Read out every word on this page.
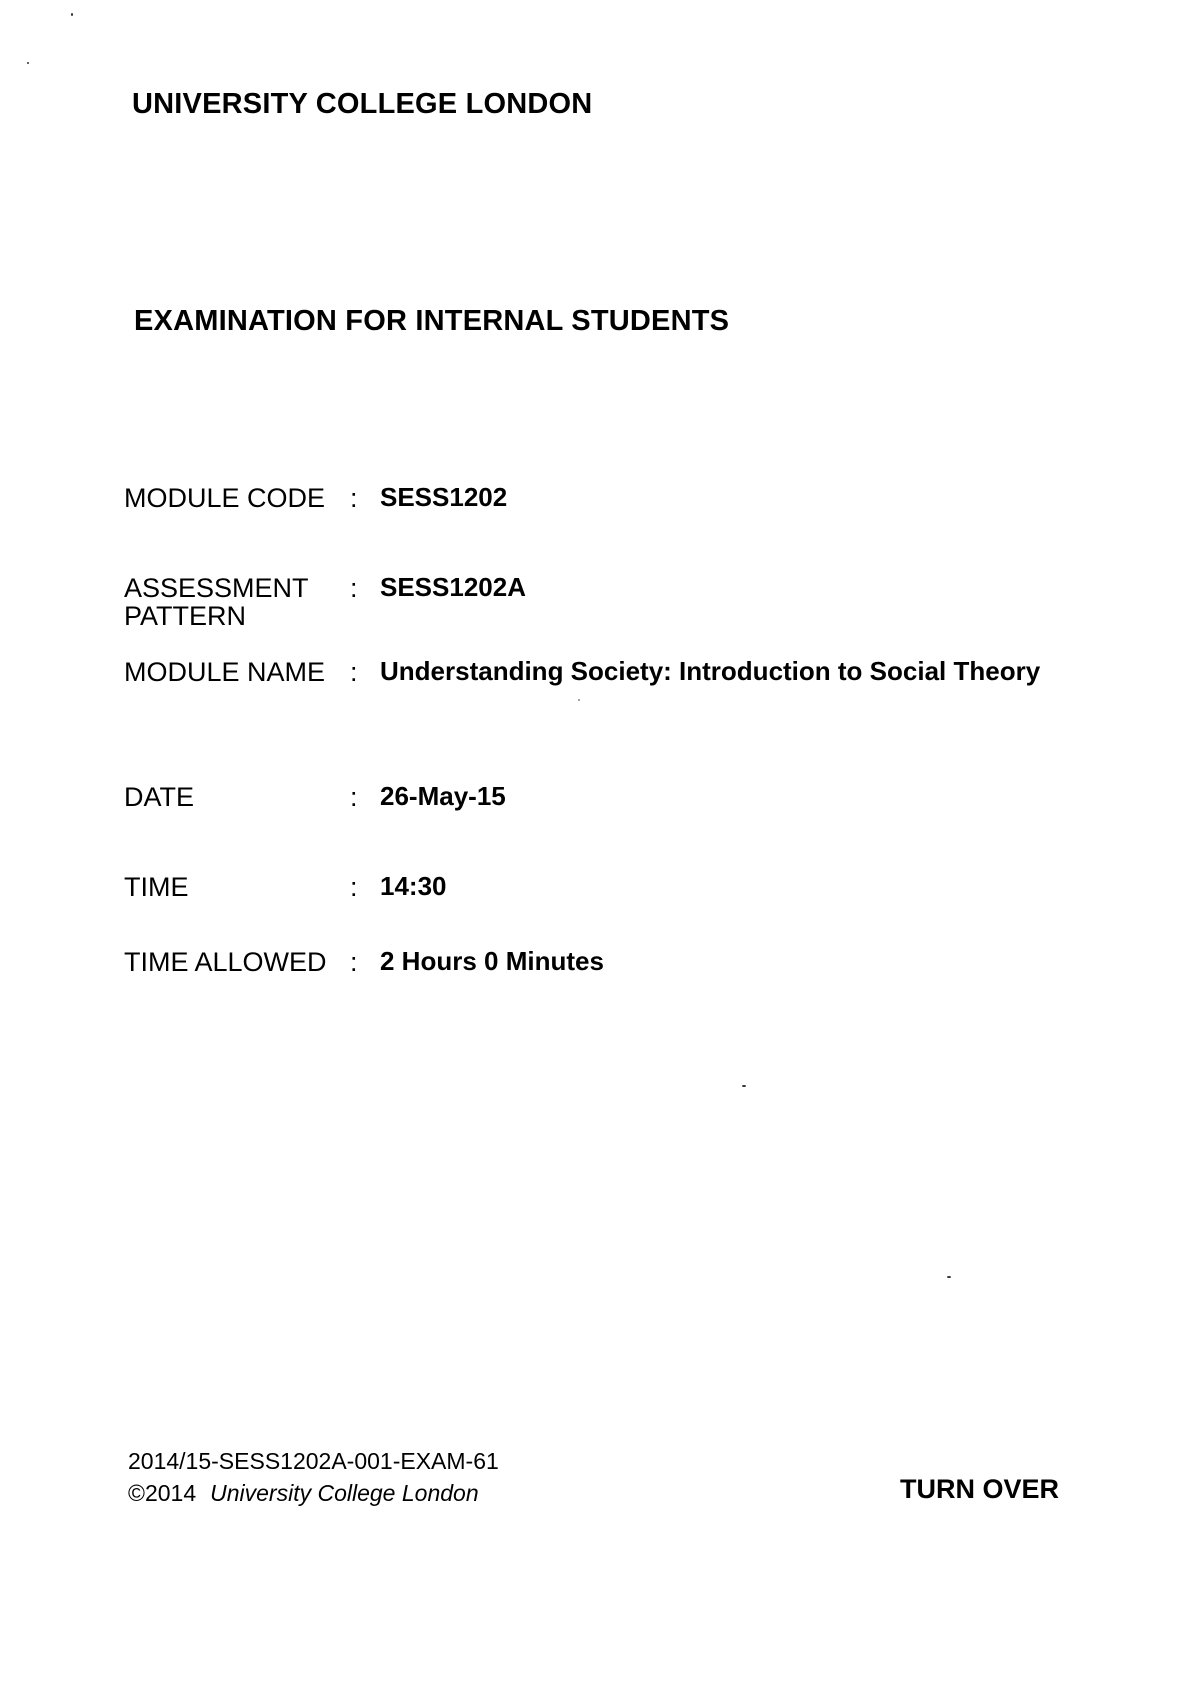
UNIVERSITY COLLEGE LONDON
EXAMINATION FOR INTERNAL STUDENTS
MODULE CODE : SESS1202
ASSESSMENT
PATTERN
: SESS1202A
MODULE NAME : Understanding Society: Introduction to Social Theory
DATE	: 26-May-15
TIME	: 14:30
TIME ALLOWED : 2 Hours 0 Minutes
2014/15-SESS1202A-001-EXAM-61
©2014 University College London	TURN OVER
